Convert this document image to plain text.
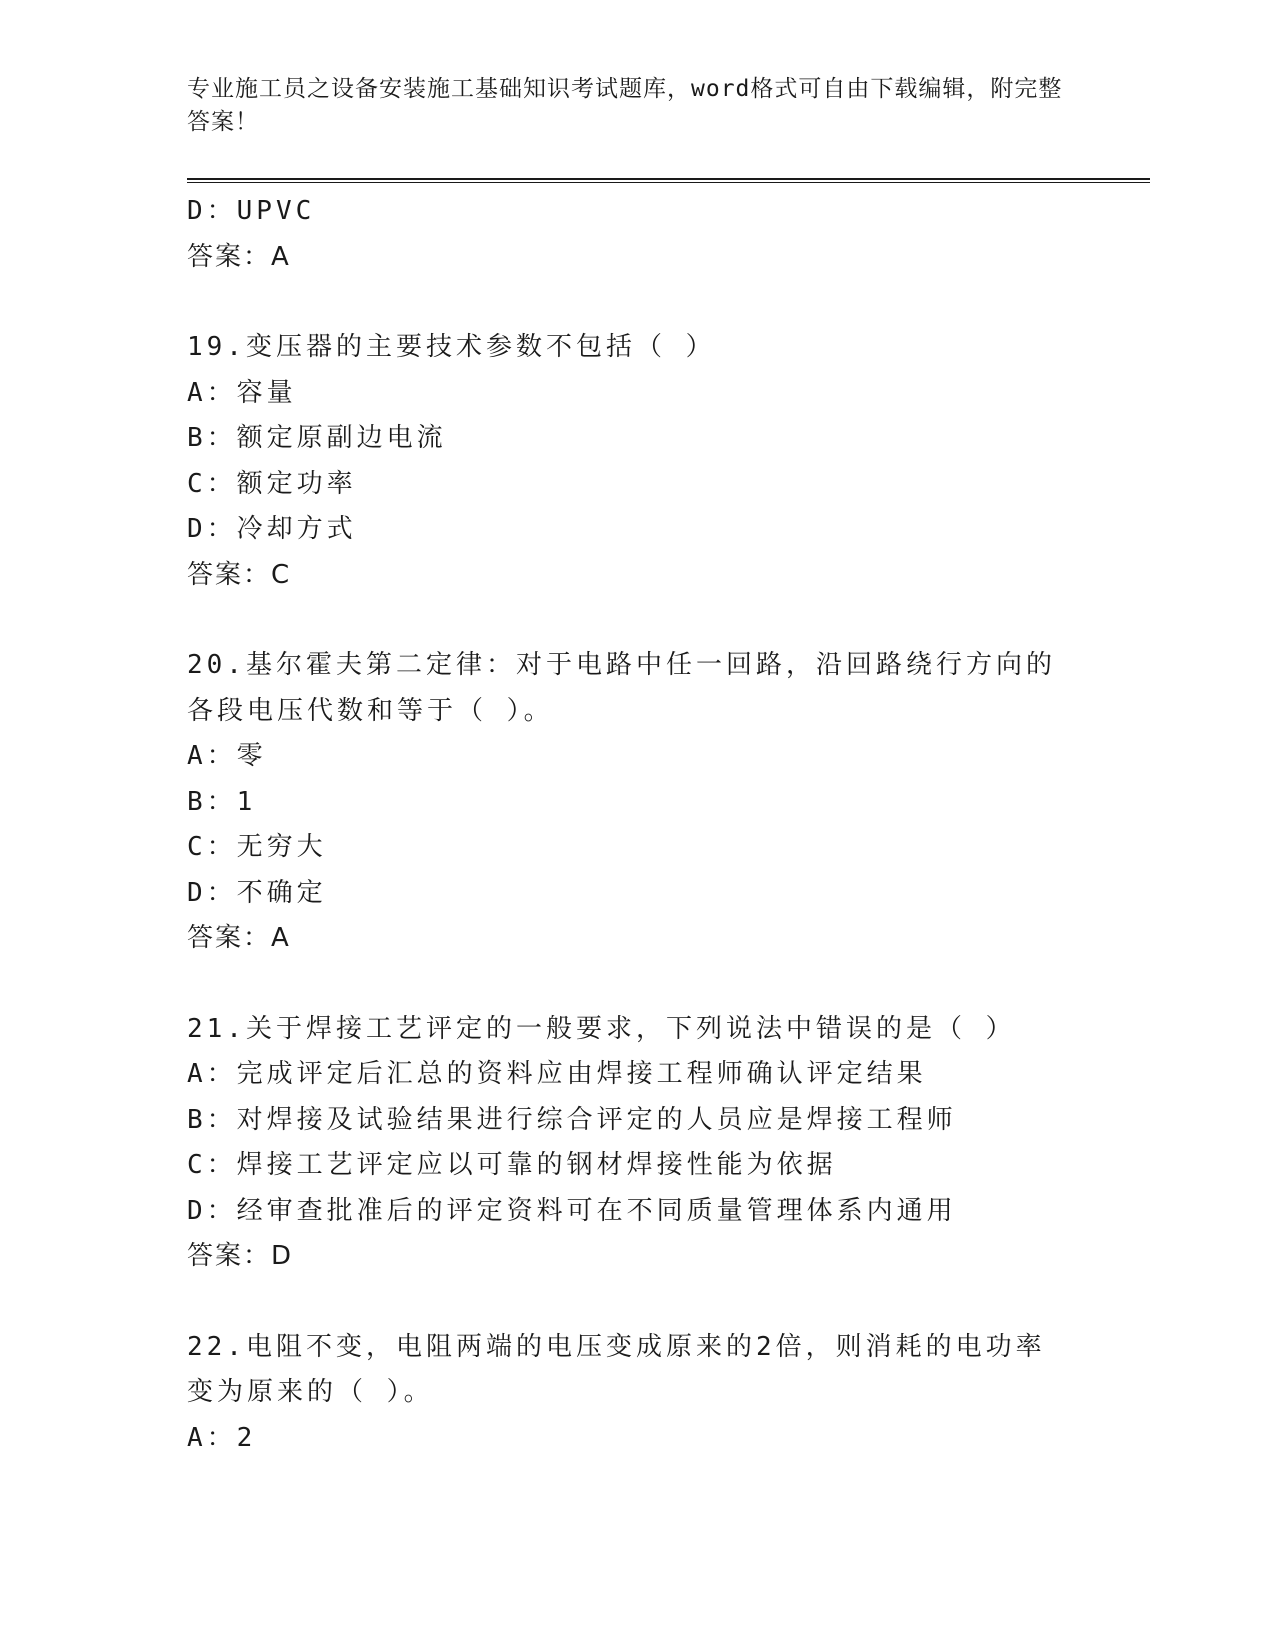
专业施工员之设备安装施工基础知识考试题库，word格式可自由下载编辑，附完整答案！
D：UPVC
答案：A
19.变压器的主要技术参数不包括（ ）
A：容量
B：额定原副边电流
C：额定功率
D：冷却方式
答案：C
20.基尔霍夫第二定律：对于电路中任一回路，沿回路绕行方向的各段电压代数和等于（ ）。
A：零
B：1
C：无穷大
D：不确定
答案：A
21.关于焊接工艺评定的一般要求，下列说法中错误的是（ ）
A：完成评定后汇总的资料应由焊接工程师确认评定结果
B：对焊接及试验结果进行综合评定的人员应是焊接工程师
C：焊接工艺评定应以可靠的钢材焊接性能为依据
D：经审查批准后的评定资料可在不同质量管理体系内通用
答案：D
22.电阻不变，电阻两端的电压变成原来的2倍，则消耗的电功率变为原来的（ ）。
A：2
